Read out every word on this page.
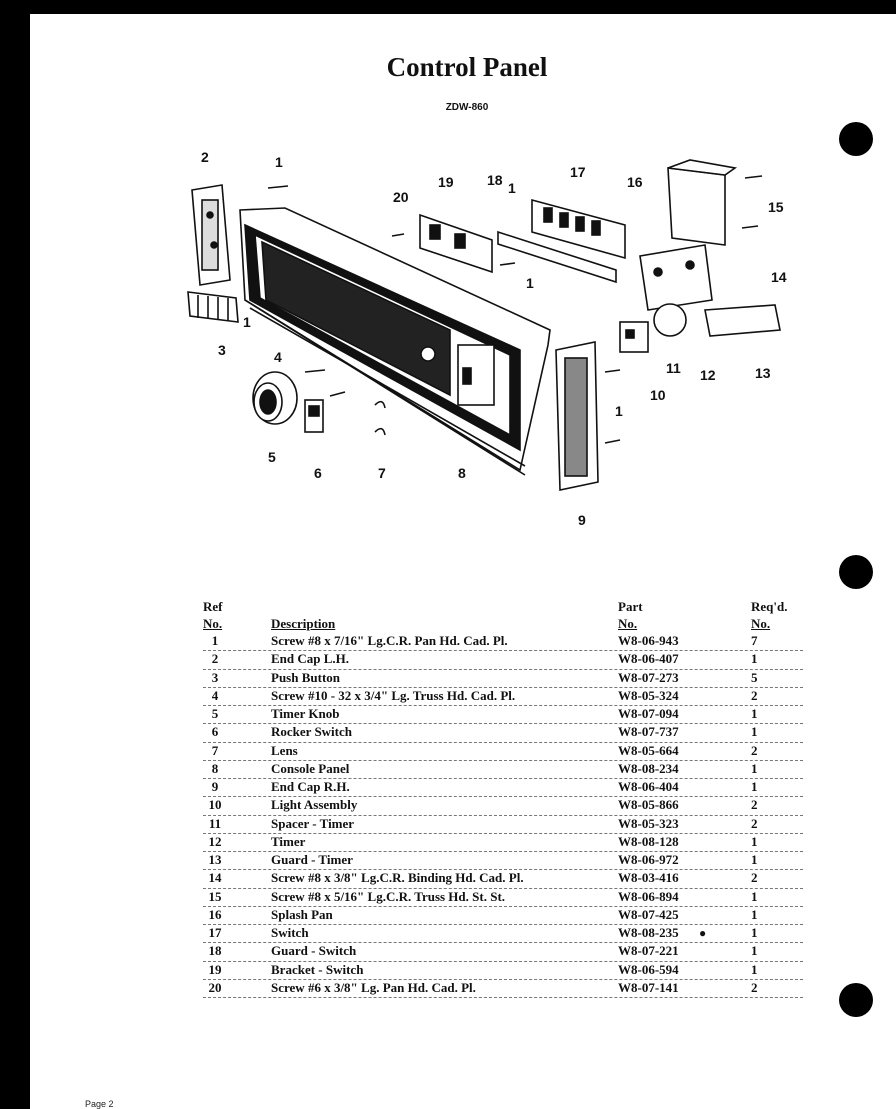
Control Panel
ZDW-860
2	1
3
1
4
5
6	7	8
9
10
11 12	13
14
15
16
17
18
19
20
1
1
1
Ref
No.	Description
Part
No.
Req'd.
No.
1	Screw #8 x 7/16" Lg.C.R. Pan Hd. Cad. Pl.	W8-06-943	7
2	End Cap L.H.	W8-06-407	1
3	Push Button	W8-07-273	5
4	Screw #10 - 32 x 3/4" Lg. Truss Hd. Cad. Pl.	W8-05-324	2
5	Timer Knob	W8-07-094	1
6	Rocker Switch	W8-07-737	1
7	Lens	W8-05-664	2
8	Console Panel	W8-08-234	1
9	End Cap R.H.	W8-06-404	1
10	Light Assembly	W8-05-866	2
11	Spacer - Timer	W8-05-323	2
12	Timer	W8-08-128	1
13	Guard - Timer	W8-06-972	1
14	Screw #8 x 3/8" Lg.C.R. Binding Hd. Cad. Pl.	W8-03-416	2
15	Screw #8 x 5/16" Lg.C.R. Truss Hd. St. St.	W8-06-894	1
16	Splash Pan	W8-07-425	1
17	Switch	W8-08-235 ●	1
18	Guard - Switch	W8-07-221	1
19	Bracket - Switch	W8-06-594	1
20	Screw #6 x 3/8" Lg. Pan Hd. Cad. Pl.	W8-07-141	2
Page 2
